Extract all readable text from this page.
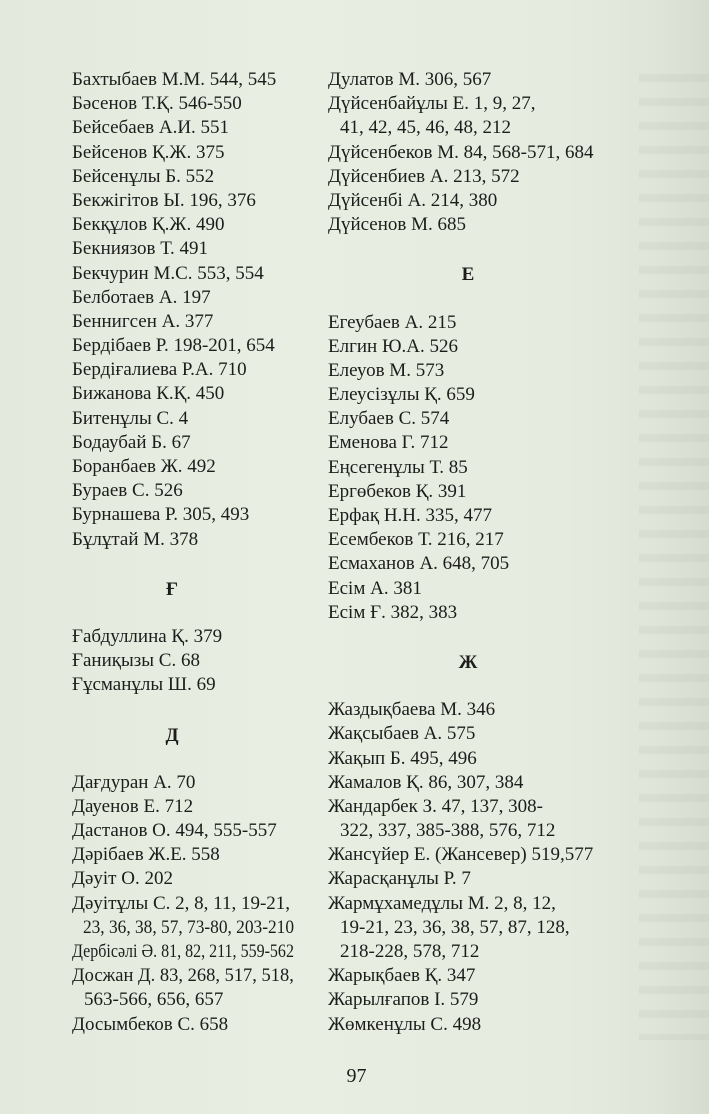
Бахтыбаев М.М. 544, 545
Бәсенов Т.Қ. 546-550
Бейсебаев А.И. 551
Бейсенов Қ.Ж. 375
Бейсенұлы Б. 552
Бекжігітов Ы. 196, 376
Бекқұлов Қ.Ж. 490
Бекниязов Т. 491
Бекчурин М.С. 553, 554
Белботаев А. 197
Беннигсен А. 377
Бердібаев Р. 198-201, 654
Бердіғалиева Р.А. 710
Бижанова К.Қ. 450
Битенұлы С. 4
Бодаубай Б. 67
Боранбаев Ж. 492
Бураев С. 526
Бурнашева Р. 305, 493
Бұлұтай М. 378
Ғ
Ғабдуллина Қ. 379
Ғаниқызы С. 68
Ғұсманұлы Ш. 69
Д
Дағдуран А. 70
Дауенов Е. 712
Дастанов О. 494, 555-557
Дәрібаев Ж.Е. 558
Дәуіт О. 202
Дәуітұлы С. 2, 8, 11, 19-21,
23, 36, 38, 57, 73-80, 203-210
Дербісәлі Ә. 81, 82, 211, 559-562
Досжан Д. 83, 268, 517, 518,
563-566, 656, 657
Досымбеков С. 658
Дулатов М. 306, 567
Дүйсенбайұлы Е. 1, 9, 27,
41, 42, 45, 46, 48, 212
Дүйсенбеков М. 84, 568-571, 684
Дүйсенбиев А. 213, 572
Дүйсенбі А. 214, 380
Дүйсенов М. 685
Е
Егеубаев А. 215
Елгин Ю.А. 526
Елеуов М. 573
Елеусізұлы Қ. 659
Елубаев С. 574
Еменова Г. 712
Еңсегенұлы Т. 85
Ергөбеков Қ. 391
Ерфақ Н.Н. 335, 477
Есембеков Т. 216, 217
Есмаханов А. 648, 705
Есім А. 381
Есім Ғ. 382, 383
Ж
Жаздықбаева М. 346
Жақсыбаев А. 575
Жақып Б. 495, 496
Жамалов Қ. 86, 307, 384
Жандарбек З. 47, 137, 308-
322, 337, 385-388, 576, 712
Жансүйер Е. (Жансевер) 519,577
Жарасқанұлы Р. 7
Жармұхамедұлы М. 2, 8, 12,
19-21, 23, 36, 38, 57, 87, 128,
218-228, 578, 712
Жарықбаев Қ. 347
Жарылғапов І. 579
Жөмкенұлы С. 498
97
